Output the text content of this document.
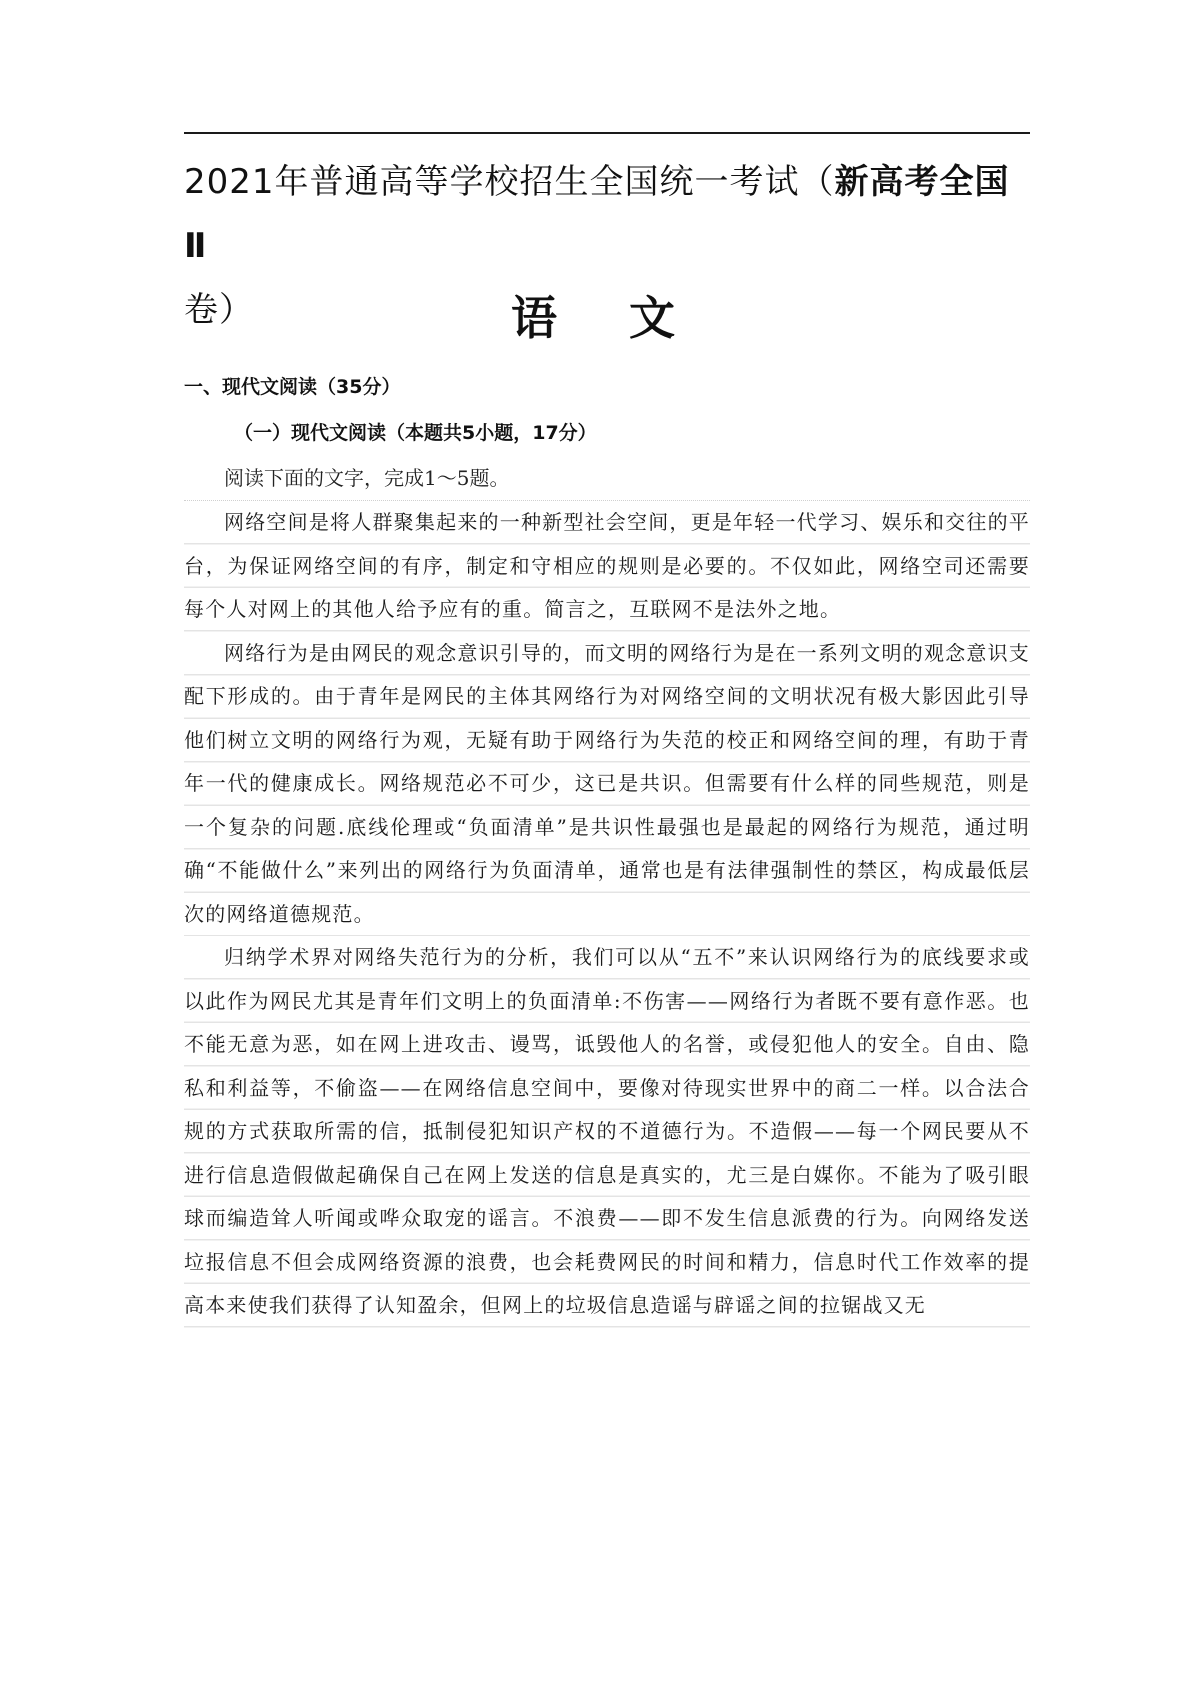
2021年普通高等学校招生全国统一考试（新高考全国Ⅱ
卷）	语 文
一、现代文阅读（35分）
（一）现代文阅读（本题共5小题，17分）
阅读下面的文字，完成1～5题。

网络空间是将人群聚集起来的一种新型社会空间，更是年轻一代学习、娱乐和交往的平台，为保证网络空间的有序，制定和守相应的规则是必要的。不仅如此，网络空司还需要每个人对网上的其他人给予应有的重。简言之，互联网不是法外之地。

网络行为是由网民的观念意识引导的，而文明的网络行为是在一系列文明的观念意识支配下形成的。由于青年是网民的主体其网络行为对网络空间的文明状况有极大影因此引导他们树立文明的网络行为观，无疑有助于网络行为失范的校正和网络空间的理，有助于青年一代的健康成长。网络规范必不可少，这已是共识。但需要有什么样的同些规范，则是一个复杂的问题.底线伦理或“负面清单”是共识性最强也是最起的网络行为规范，通过明确“不能做什么”来列出的网络行为负面清单，通常也是有法律强制性的禁区，构成最低层次的网络道德规范。

归纳学术界对网络失范行为的分析，我们可以从“五不”来认识网络行为的底线要求或以此作为网民尤其是青年们文明上的负面清单:不伤害——网络行为者既不要有意作恶。也不能无意为恶，如在网上进攻击、谩骂，诋毁他人的名誉，或侵犯他人的安全。自由、隐私和利益等，不偷盗——在网络信息空间中，要像对待现实世界中的商二一样。以合法合规的方式获取所需的信，抵制侵犯知识产权的不道德行为。不造假——每一个网民要从不进行信息造假做起确保自己在网上发送的信息是真实的，尤三是白媒你。不能为了吸引眼球而编造耸人听闻或哗众取宠的谣言。不浪费——即不发生信息派费的行为。向网络发送垃报信息不但会成网络资源的浪费，也会耗费网民的时间和精力，信息时代工作效率的提高本来使我们获得了认知盈余，但网上的垃圾信息造谣与辟谣之间的拉锯战又无
